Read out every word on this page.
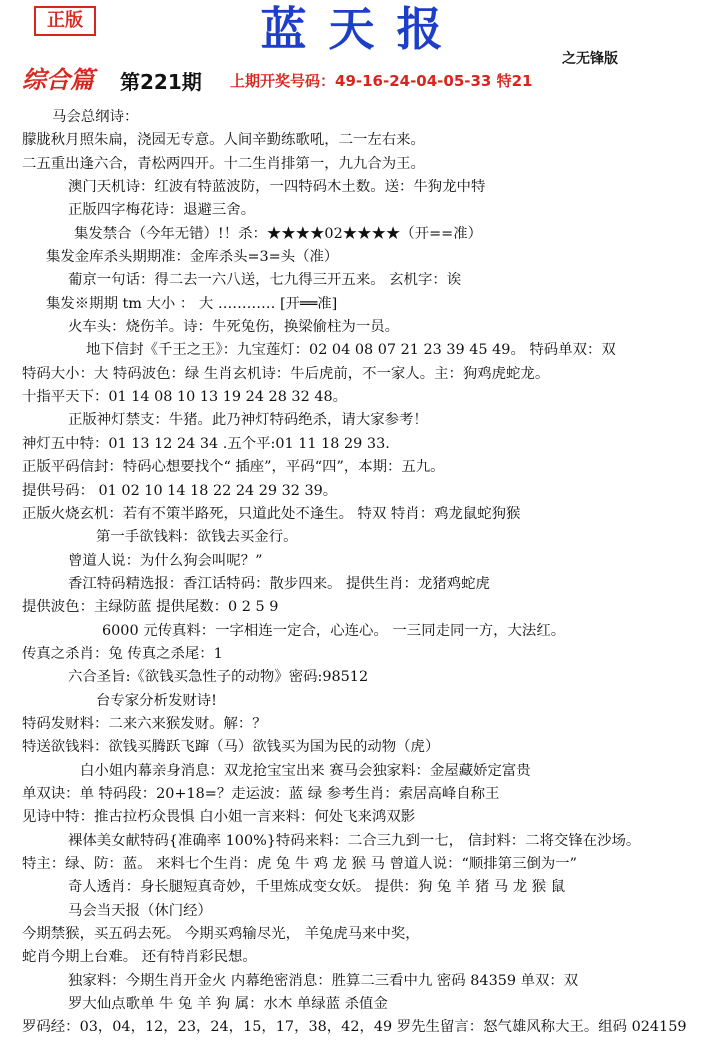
正版	蓝天报
之无锋版
综合篇 第221期 上期开奖号码：49-16-24-04-05-33 特21
马会总纲诗：
朦胧秋月照朱扁，浇园无专意。人间辛勤练歌吼，二一左右来。
二五重出逢六合，青松两四开。十二生肖排第一，九九合为王。
澳门天机诗：红波有特蓝波防，一四特码木土数。送：牛狗龙中特
正版四字梅花诗：退避三舍。
集发禁合（今年无错）!！杀：★★★★02★★★★（开==准）
集发金库杀头期期准：金库杀头=3=头（准）
葡京一句话：得二去一六八送，七九得三开五来。 玄机字：诶
集发※期期 tm 大小 ： 大 ………… [开══准]
火车头：烧伤羊。诗：牛死兔伤，换梁偷柱为一员。
地下信封《千王之王》：九宝莲灯：02 04 08 07 21 23 39 45 49。 特码单双：双
特码大小：大 特码波色：绿 生肖玄机诗：牛后虎前，不一家人。主：狗鸡虎蛇龙。
十指平天下：01 14 08 10 13 19 24 28 32 48。
正版神灯禁支：牛猪。此乃神灯特码绝杀，请大家参考！
神灯五中特：01 13 12 24 34 .五个平:01 11 18 29 33.
正版平码信封：特码心想要找个“ 插座”，平码“四”，本期：五九。
提供号码： 01 02 10 14 18 22 24 29 32 39。
正版火烧玄机：若有不策半路死，只道此处不逢生。 特双 特肖：鸡龙鼠蛇狗猴
第一手欲钱料：欲钱去买金行。
曾道人说：为什么狗会叫呢？”
香江特码精选报：香江话特码：散步四来。 提供生肖：龙猪鸡蛇虎
提供波色：主绿防蓝 提供尾数：0 2 5 9
6000 元传真料：一字相连一定合，心连心。 一三同走同一方，大法红。
传真之杀肖：兔 传真之杀尾：1
六合圣旨:《欲钱买急性子的动物》密码:98512
台专家分析发财诗!
特码发财料：二来六来猴发财。解：？
特送欲钱料：欲钱买腾跃飞蹿（马）欲钱买为国为民的动物（虎）
白小姐内幕亲身消息：双龙抢宝宝出来 赛马会独家料：金屋藏娇定富贵
单双诀：单 特码段：20+18=？走运波：蓝 绿 参考生肖：索居高峰自称王
见诗中特：推古拉朽众畏惧 白小姐一言来料：何处飞来鸿双影
裸体美女献特码{准确率 100%}特码来料：二合三九到一七， 信封料：二将交锋在沙场。
特主：绿、防：蓝。 来料七个生肖：虎 兔 牛 鸡 龙 猴 马 曾道人说：“顺排第三倒为一”
奇人透肖：身长腿短真奇妙，千里炼成变女妖。 提供：狗 兔 羊 猪 马 龙 猴 鼠
马会当天报（休门经）
今期禁猴，买五码去死。 今期买鸡输尽光， 羊兔虎马来中奖，
蛇肖今期上台难。 还有特肖彩民想。
独家料：今期生肖开金火 内幕绝密消息：胜算二三看中九 密码 84359 单双：双
罗大仙点歌单 牛 兔 羊 狗 属：水木 单绿蓝 杀值金
罗码经：03，04，12，23，24，15，17，38，42，49 罗先生留言：怒气雄风称大王。组码 024159
